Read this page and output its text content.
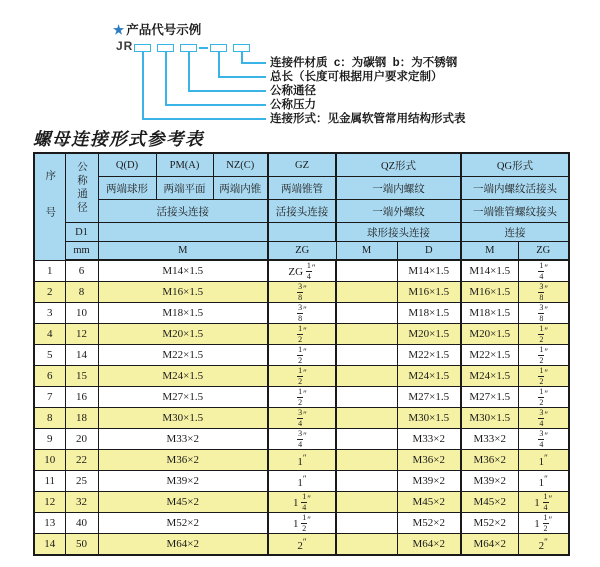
★ 产品代号示例
JR
连接件材质  c：为碳钢  b：为不锈钢
总长（长度可根据用户要求定制）
公称通径
公称压力
连接形式：见金属软管常用结构形式表
螺母连接形式参考表
序号	公称通径	Q(D)	PM(A)	NZ(C)	GZ	QZ形式		QG形式	
		两端球形	两端平面	两端内锥	两端锥管	一端内螺纹		一端内螺纹活接头	
		活接头连接			活接头连接	一端外螺纹		一端锥管螺纹接头	
	D1					球形接头连接		连接	
	mm	M			ZG	M	D	M	ZG
1	6	M14×1.5			ZG $\frac{1}{4} ''$		M14×1.5	M14×1.5	$\frac{1}{4} ''$
2	8	M16×1.5			$\frac{3}{8} ''$		M16×1.5	M16×1.5	$\frac{3}{8} ''$
3	10	M18×1.5			$\frac{3}{8} ''$		M18×1.5	M18×1.5	$\frac{3}{8} ''$
4	12	M20×1.5			$\frac{1}{2} ''$		M20×1.5	M20×1.5	$\frac{1}{2} ''$
5	14	M22×1.5			$\frac{1}{2} ''$		M22×1.5	M22×1.5	$\frac{1}{2} ''$
6	15	M24×1.5			$\frac{1}{2} ''$		M24×1.5	M24×1.5	$\frac{1}{2} ''$
7	16	M27×1.5			$\frac{1}{2} ''$		M27×1.5	M27×1.5	$\frac{1}{2} ''$
8	18	M30×1.5			$\frac{3}{4} ''$		M30×1.5	M30×1.5	$\frac{3}{4} ''$
9	20	M33×2			$\frac{3}{4} ''$		M33×2	M33×2	$\frac{3}{4} ''$
10	22	M36×2			1″		M36×2	M36×2	1″
11	25	M39×2			1″		M39×2	M39×2	1″
12	32	M45×2			$1 \frac{1}{4} ''$		M45×2	M45×2	$1 \frac{1}{4} ''$
13	40	M52×2			$1 \frac{1}{2} ''$		M52×2	M52×2	$1 \frac{1}{2} ''$
14	50	M64×2			2″		M64×2	M64×2	2″
